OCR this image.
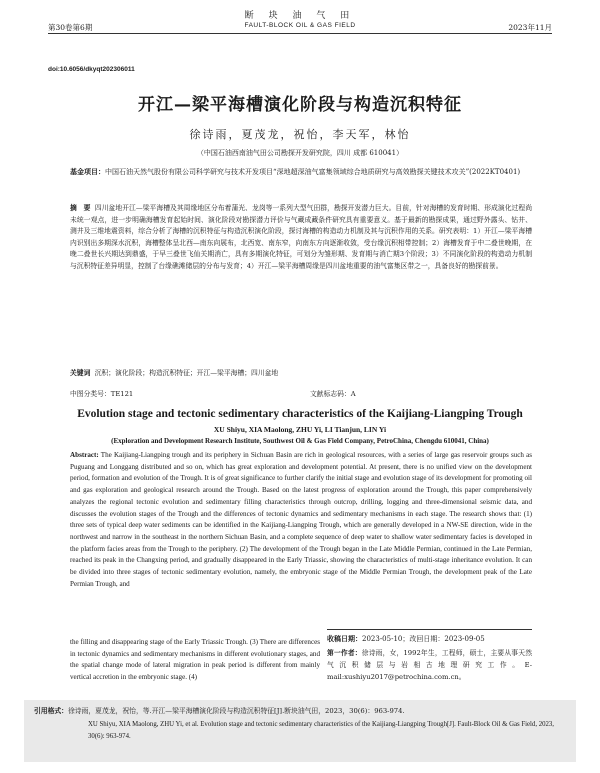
断 块 油 气 田
第30卷第6期	FAULT-BLOCK OIL & GAS FIELD	2023年11月
doi:10.6056/dkyqt202306011
开江—梁平海槽演化阶段与构造沉积特征
徐诗雨，夏茂龙，祝怡，李天军，林怡
（中国石油西南油气田公司勘探开发研究院，四川 成都 610041）
基金项目：中国石油天然气股份有限公司科学研究与技术开发项目“深地超深油气富集领域综合地质研究与高效勘探关键技术攻关”(2022KT0401)
摘　要 四川盆地开江—梁平海槽及其周缘地区分布着蒲光、龙岗等一系列大型气田群，勘探开发潜力巨大。目前，针对海槽的发育时期、形成演化过程尚未统一观点，进一步明确海槽发育起始时间、演化阶段对勘探潜力评价与气藏成藏条件研究具有重要意义。基于最新的勘探成果，通过野外露头、钻井、测井及三维地震资料，综合分析了海槽的沉积特征与构造沉积演化阶段，探讨海槽的构造动力机制及其与沉积作用的关系。研究表明：1）开江—梁平海槽内识别出多期深水沉积，海槽整体呈北西—南东向展布，北西宽、南东窄，向南东方向逐渐收敛，受台缘沉积相带控制；2）海槽发育于中二叠世晚期，在晚二叠世长兴期达到鼎盛，于早三叠世飞仙关期消亡，具有多期演化特征，可划分为雏形期、发育期与消亡期3个阶段；3）不同演化阶段的构造动力机制与沉积特征差异明显，控制了台缘礁滩储层的分布与发育；4）开江—梁平海槽周缘是四川盆地重要的油气富集区带之一，具备良好的勘探前景。
关键词 沉积；演化阶段；构造沉积特征；开江—梁平海槽；四川盆地
中图分类号：TE121	文献标志码：A
Evolution stage and tectonic sedimentary characteristics of the Kaijiang-Liangping Trough
XU Shiyu, XIA Maolong, ZHU Yi, LI Tianjun, LIN Yi
(Exploration and Development Research Institute, Southwest Oil & Gas Field Company, PetroChina, Chengdu 610041, China)
Abstract: The Kaijiang-Liangping trough and its periphery in Sichuan Basin are rich in geological resources, with a series of large gas reservoir groups such as Puguang and Longgang distributed and so on, which has great exploration and development potential. At present, there is no unified view on the development period, formation and evolution of the Trough. It is of great significance to further clarify the initial stage and evolution stage of its development for promoting oil and gas exploration and geological research around the Trough. Based on the latest progress of exploration around the Trough, this paper comprehensively analyzes the regional tectonic evolution and sedimentary filling characteristics through outcrop, drilling, logging and three-dimensional seismic data, and discusses the evolution stages of the Trough and the differences of tectonic dynamics and sedimentary mechanisms in each stage. The research shows that: (1) three sets of typical deep water sediments can be identified in the Kaijiang-Liangping Trough, which are generally developed in a NW-SE direction, wide in the northwest and narrow in the southeast in the northern Sichuan Basin, and a complete sequence of deep water to shallow water sedimentary facies is developed in the platform facies areas from the Trough to the periphery. (2) The development of the Trough began in the Late Middle Permian, continued in the Late Permian, reached its peak in the Changxing period, and gradually disappeared in the Early Triassic, showing the characteristics of multi-stage inheritance evolution. It can be divided into three stages of tectonic sedimentary evolution, namely, the embryonic stage of the Middle Permian Trough, the development peak of the Late Permian Trough, and
the filling and disappearing stage of the Early Triassic Trough. (3) There are differences in tectonic dynamics and sedimentary mechanisms in different evolutionary stages, and the spatial change mode of lateral migration in peak period is different from mainly vertical accretion in the embryonic stage. (4)
收稿日期：2023-05-10；改回日期：2023-09-05
第一作者：徐诗雨，女，1992年生，工程师，硕士，主要从事天然气沉积储层与岩相古地理研究工作。E-mail:xushiyu2017@petrochina.com.cn。
引用格式：徐诗雨，夏茂龙，祝怡，等.开江—梁平海槽演化阶段与构造沉积特征[J].断块油气田，2023，30(6)：963-974.
XU Shiyu, XIA Maolong, ZHU Yi, et al. Evolution stage and tectonic sedimentary characteristics of the Kaijiang-Liangping Trough[J]. Fault-Block Oil & Gas Field, 2023, 30(6): 963-974.
